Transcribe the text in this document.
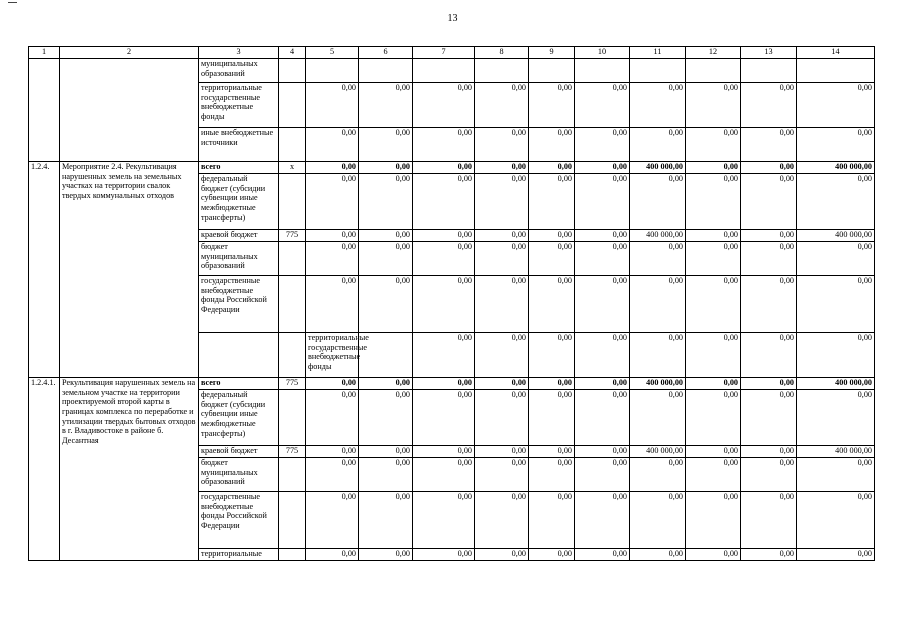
13
1	2	3	4	5	6	7	8	9	10	11	12	13	14	
		муниципальных образований												
		территориальные государственные внебюджетные фонды		0,00	0,00	0,00	0,00	0,00	0,00	0,00	0,00	0,00	0,00	
		иные внебюджетные источники		0,00	0,00	0,00	0,00	0,00	0,00	0,00	0,00	0,00	0,00	
1.2.4.	Мероприятие 2.4. Рекультивация нарушенных земель на земельных участках на территории свалок твердых коммунальных отходов	всего	х	0,00	0,00	0,00	0,00	0,00	0,00	400 000,00	0,00	0,00	400 000,00	
		федеральный бюджет (субсидии субвенции иные межбюджетные трансферты)		0,00	0,00	0,00	0,00	0,00	0,00	0,00	0,00	0,00	0,00	
		краевой бюджет	775	0,00	0,00	0,00	0,00	0,00	0,00	400 000,00	0,00	0,00	400 000,00	
		бюджет муниципальных образований		0,00	0,00	0,00	0,00	0,00	0,00	0,00	0,00	0,00	0,00	
		государственные внебюджетные фонды Российской Федерации		0,00	0,00	0,00	0,00	0,00	0,00	0,00	0,00	0,00	0,00	
				территориальные государственные внебюджетные фонды		0,00	0,00	0,00	0,00	0,00	0,00	0,00	0,00		
1.2.4.1.	Рекультивация нарушенных земель на земельном участке на территории проектируемой второй карты в границах комплекса по переработке и утилизации твердых бытовых отходов в г. Владивостоке в районе б. Десантная	всего	775	0,00	0,00	0,00	0,00	0,00	0,00	400 000,00	0,00	0,00	400 000,00	
		федеральный бюджет (субсидии субвенции иные межбюджетные трансферты)		0,00	0,00	0,00	0,00	0,00	0,00	0,00	0,00	0,00	0,00	
		краевой бюджет	775	0,00	0,00	0,00	0,00	0,00	0,00	400 000,00	0,00	0,00	400 000,00	
		бюджет муниципальных образований		0,00	0,00	0,00	0,00	0,00	0,00	0,00	0,00	0,00	0,00	
		государственные внебюджетные фонды Российской Федерации		0,00	0,00	0,00	0,00	0,00	0,00	0,00	0,00	0,00	0,00	
		территориальные		0,00	0,00	0,00	0,00	0,00	0,00	0,00	0,00	0,00	0,00	
